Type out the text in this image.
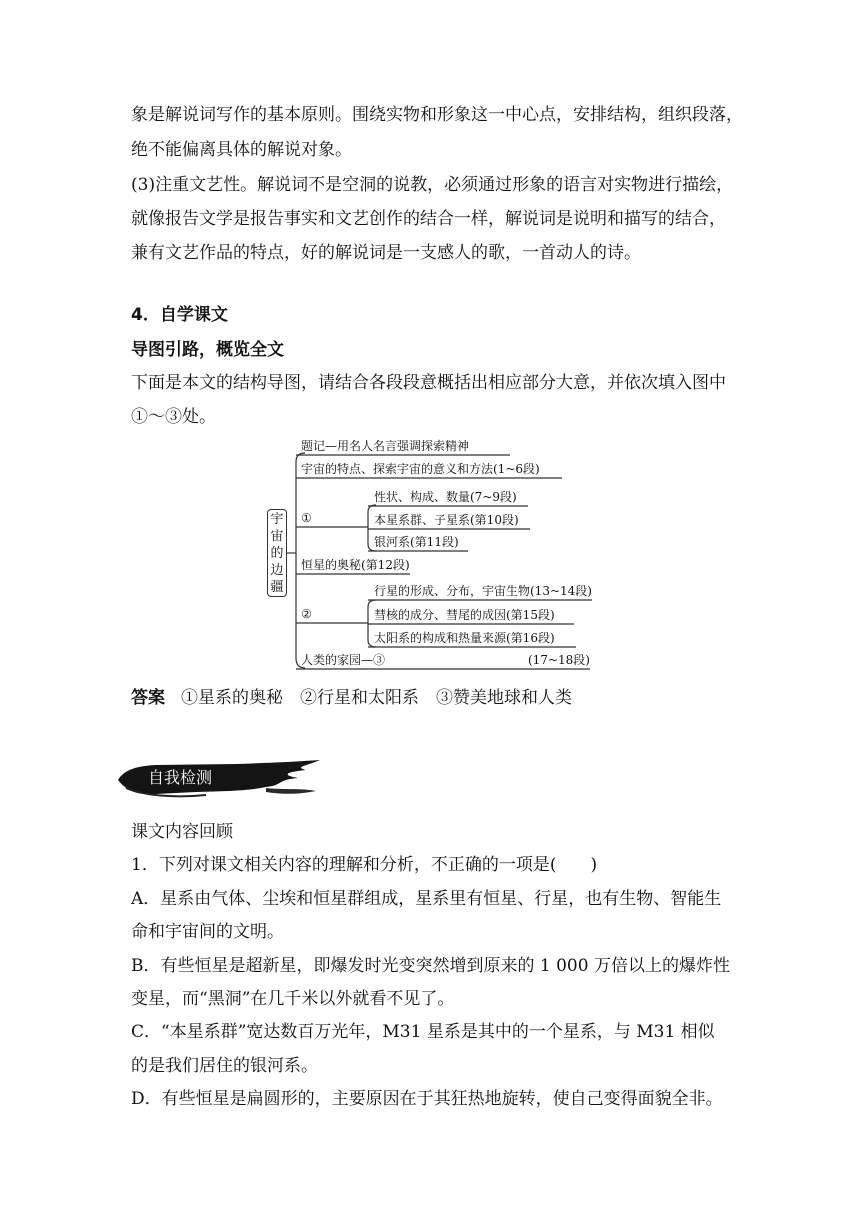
象是解说词写作的基本原则。围绕实物和形象这一中心点，安排结构，组织段落，
绝不能偏离具体的解说对象。
(3)注重文艺性。解说词不是空洞的说教，必须通过形象的语言对实物进行描绘，
就像报告文学是报告事实和文艺创作的结合一样，解说词是说明和描写的结合，
兼有文艺作品的特点，好的解说词是一支感人的歌，一首动人的诗。
4．自学课文
导图引路，概览全文
下面是本文的结构导图，请结合各段段意概括出相应部分大意，并依次填入图中
①～③处。
宇
宙
的
边
疆
题记—用名人名言强调探索精神
宇宙的特点、探索宇宙的意义和方法(1~6段)
①
性状、构成、数量(7~9段)
本星系群、子星系(第10段)
银河系(第11段)
恒星的奥秘(第12段)
②
行星的形成、分布，宇宙生物(13~14段)
彗核的成分、彗尾的成因(第15段)
太阳系的构成和热量来源(第16段)
人类的家园—③	(17~18段)
答案 ①星系的奥秘　②行星和太阳系　③赞美地球和人类
自我检测
课文内容回顾
1．下列对课文相关内容的理解和分析，不正确的一项是(　　)
A．星系由气体、尘埃和恒星群组成，星系里有恒星、行星，也有生物、智能生
命和宇宙间的文明。
B．有些恒星是超新星，即爆发时光变突然增到原来的 1 000 万倍以上的爆炸性
变星，而“黑洞”在几千米以外就看不见了。
C．“本星系群”宽达数百万光年，M31 星系是其中的一个星系，与 M31 相似
的是我们居住的银河系。
D．有些恒星是扁圆形的，主要原因在于其狂热地旋转，使自己变得面貌全非。
